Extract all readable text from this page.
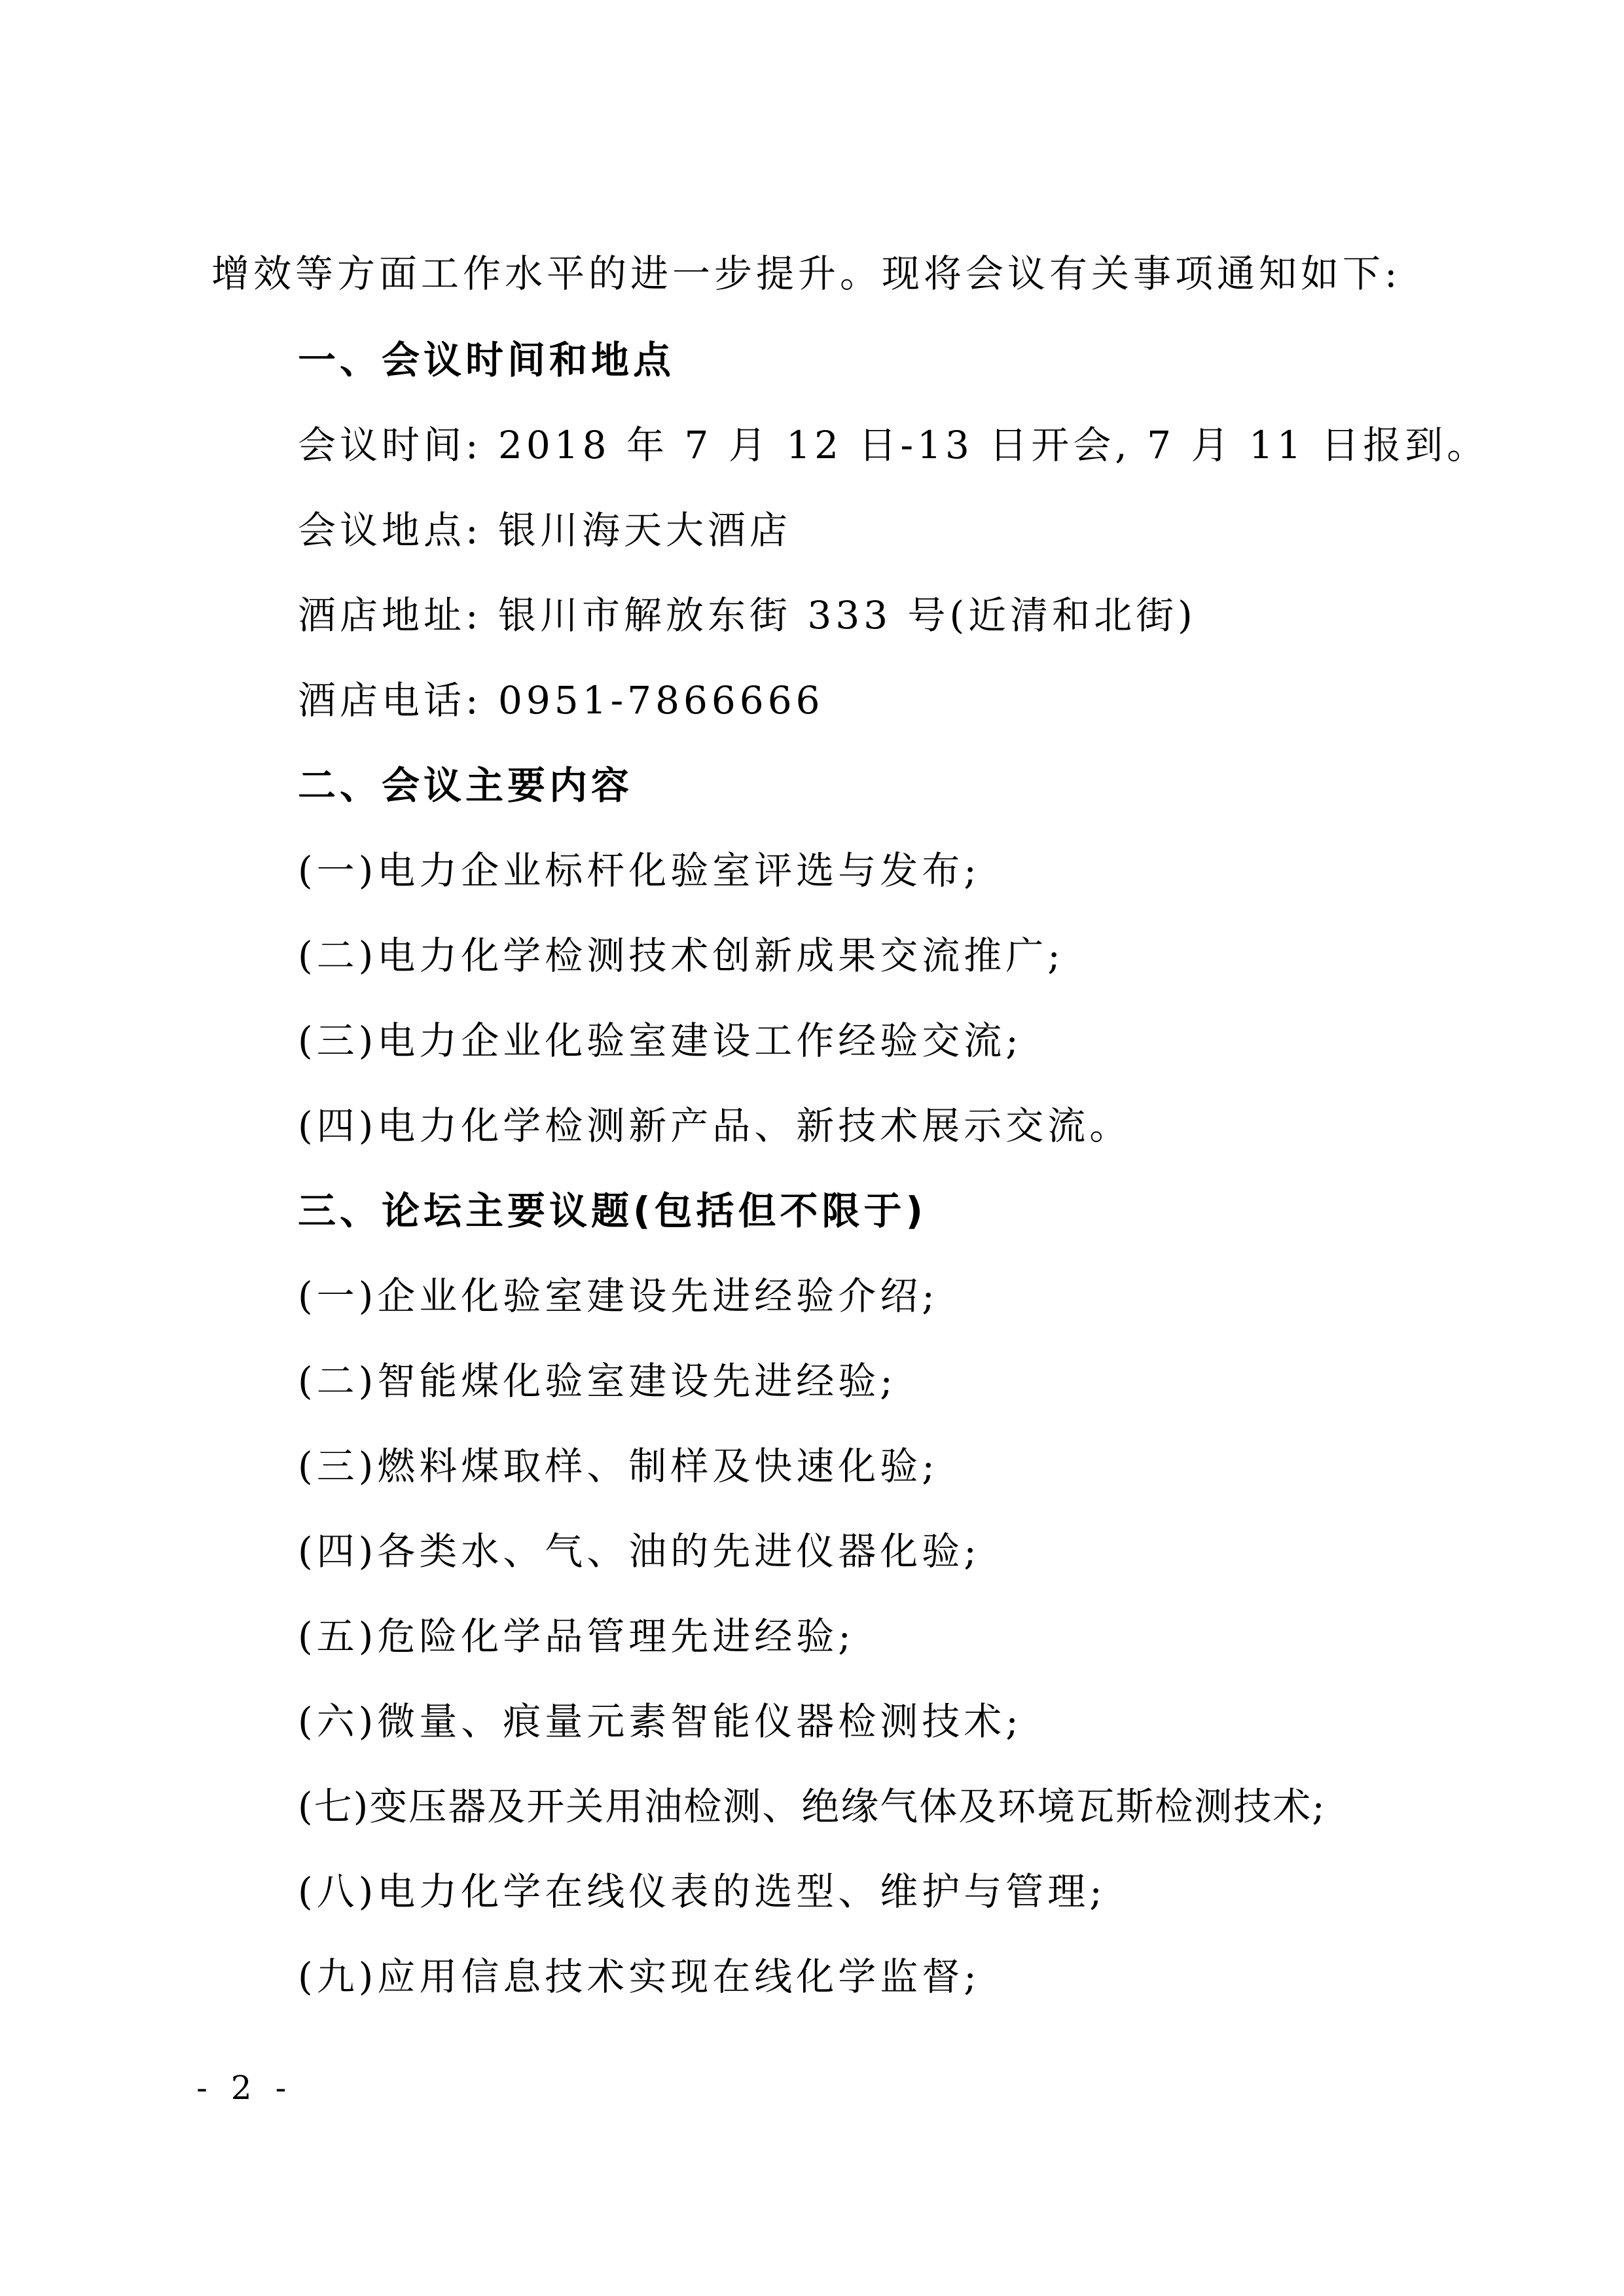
增效等方面工作水平的进一步提升。现将会议有关事项通知如下:
一、会议时间和地点
会议时间: 2018 年 7 月 12 日-13 日开会, 7 月 11 日报到。
会议地点: 银川海天大酒店
酒店地址: 银川市解放东街 333 号(近清和北街)
酒店电话: 0951-7866666
二、会议主要内容
(一)电力企业标杆化验室评选与发布;
(二)电力化学检测技术创新成果交流推广;
(三)电力企业化验室建设工作经验交流;
(四)电力化学检测新产品、新技术展示交流。
三、论坛主要议题(包括但不限于)
(一)企业化验室建设先进经验介绍;
(二)智能煤化验室建设先进经验;
(三)燃料煤取样、制样及快速化验;
(四)各类水、气、油的先进仪器化验;
(五)危险化学品管理先进经验;
(六)微量、痕量元素智能仪器检测技术;
(七)变压器及开关用油检测、绝缘气体及环境瓦斯检测技术;
(八)电力化学在线仪表的选型、维护与管理;
(九)应用信息技术实现在线化学监督;
- 2 -
